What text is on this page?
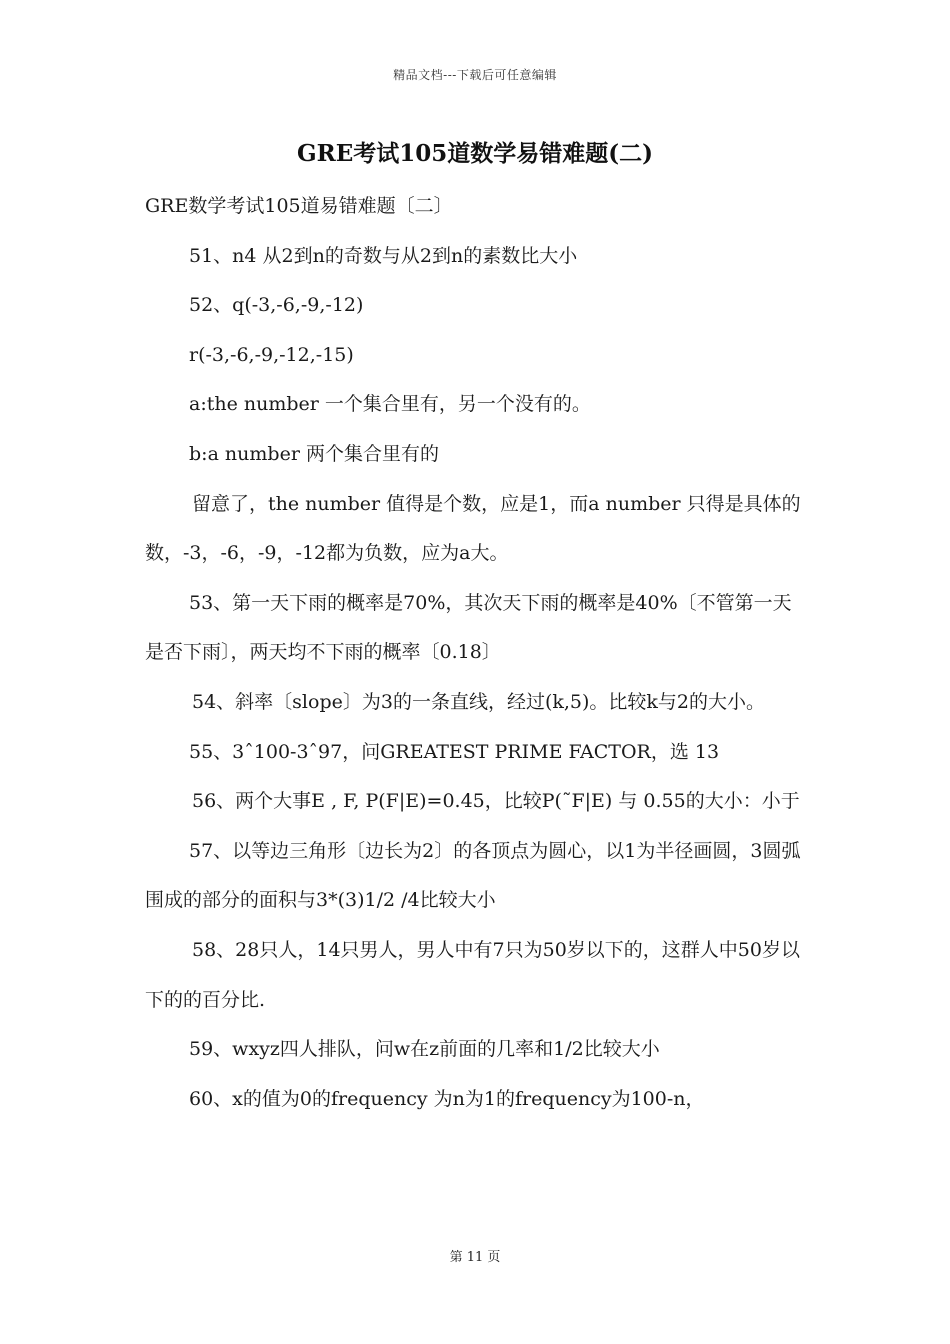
精品文档---下载后可任意编辑
GRE考试105道数学易错难题(二)

GRE数学考试105道易错难题〔二〕

51、n4 从2到n的奇数与从2到n的素数比大小

52、q(-3,-6,-9,-12)

r(-3,-6,-9,-12,-15)

a:the number 一个集合里有，另一个没有的。

b:a number 两个集合里有的

留意了，the number 值得是个数，应是1，而a number 只得是具体的数，-3，-6，-9，-12都为负数，应为a大。

53、第一天下雨的概率是70%，其次天下雨的概率是40%〔不管第一天是否下雨〕，两天均不下雨的概率〔0.18〕

54、斜率〔slope〕为3的一条直线，经过(k,5)。比较k与2的大小。

55、3ˆ100-3ˆ97，问GREATEST PRIME FACTOR，选 13

56、两个大事E , F, P(F|E)=0.45，比较P(˜F|E) 与 0.55的大小：小于

57、以等边三角形〔边长为2〕的各顶点为圆心，以1为半径画圆，3圆弧围成的部分的面积与3*(3)1/2 /4比较大小

58、28只人，14只男人，男人中有7只为50岁以下的，这群人中50岁以下的的百分比.

59、wxyz四人排队，问w在z前面的几率和1/2比较大小

60、x的值为0的frequency 为n为1的frequency为100-n，

第 11 页
